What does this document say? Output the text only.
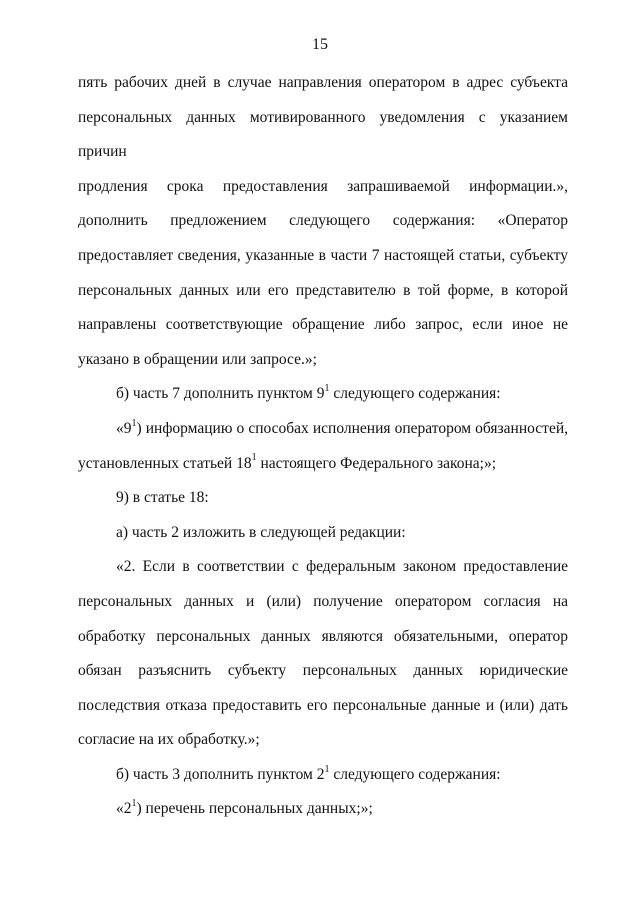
15

пять рабочих дней в случае направления оператором в адрес субъекта

персональных данных мотивированного уведомления с указанием причин

продления срока предоставления запрашиваемой информации.»,

дополнить предложением следующего содержания: «Оператор

предоставляет сведения, указанные в части 7 настоящей статьи, субъекту

персональных данных или его представителю в той форме, в которой

направлены соответствующие обращение либо запрос, если иное не

указано в обращении или запросе.»;

б) часть 7 дополнить пунктом $9^1$ следующего содержания:

«$9^1$) информацию о способах исполнения оператором обязанностей,

установленных статьей $18^1$ настоящего Федерального закона;»;

9) в статье 18:

а) часть 2 изложить в следующей редакции:

«2. Если в соответствии с федеральным законом предоставление

персональных данных и (или) получение оператором согласия на

обработку персональных данных являются обязательными, оператор

обязан разъяснить субъекту персональных данных юридические

последствия отказа предоставить его персональные данные и (или) дать

согласие на их обработку.»;

б) часть 3 дополнить пунктом $2^1$ следующего содержания:

«$2^1$) перечень персональных данных;»;
